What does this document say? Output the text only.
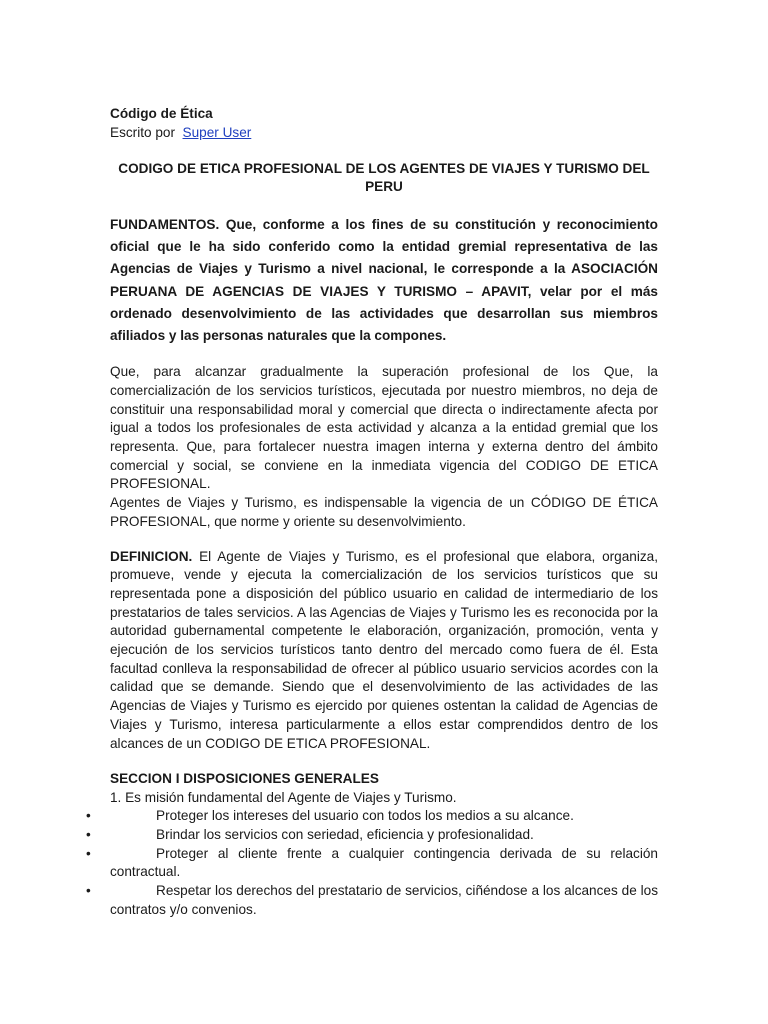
Código de Ética
Escrito por Super User
CODIGO DE ETICA PROFESIONAL DE LOS AGENTES DE VIAJES Y TURISMO DEL PERU
FUNDAMENTOS. Que, conforme a los fines de su constitución y reconocimiento oficial que le ha sido conferido como la entidad gremial representativa de las Agencias de Viajes y Turismo a nivel nacional, le corresponde a la ASOCIACIÓN PERUANA DE AGENCIAS DE VIAJES Y TURISMO – APAVIT, velar por el más ordenado desenvolvimiento de las actividades que desarrollan sus miembros afiliados y las personas naturales que la compones.

Que, para alcanzar gradualmente la superación profesional de los Que, la comercialización de los servicios turísticos, ejecutada por nuestro miembros, no deja de constituir una responsabilidad moral y comercial que directa o indirectamente afecta por igual a todos los profesionales de esta actividad y alcanza a la entidad gremial que los representa. Que, para fortalecer nuestra imagen interna y externa dentro del ámbito comercial y social, se conviene en la inmediata vigencia del CODIGO DE ETICA PROFESIONAL.

Agentes de Viajes y Turismo, es indispensable la vigencia de un CÓDIGO DE ÉTICA PROFESIONAL, que norme y oriente su desenvolvimiento.

DEFINICION. El Agente de Viajes y Turismo, es el profesional que elabora, organiza, promueve, vende y ejecuta la comercialización de los servicios turísticos que su representada pone a disposición del público usuario en calidad de intermediario de los prestatarios de tales servicios. A las Agencias de Viajes y Turismo les es reconocida por la autoridad gubernamental competente le elaboración, organización, promoción, venta y ejecución de los servicios turísticos tanto dentro del mercado como fuera de él. Esta facultad conlleva la responsabilidad de ofrecer al público usuario servicios acordes con la calidad que se demande. Siendo que el desenvolvimiento de las actividades de las Agencias de Viajes y Turismo es ejercido por quienes ostentan la calidad de Agencias de Viajes y Turismo, interesa particularmente a ellos estar comprendidos dentro de los alcances de un CODIGO DE ETICA PROFESIONAL.

SECCION I DISPOSICIONES GENERALES
1. Es misión fundamental del Agente de Viajes y Turismo.
•	Proteger los intereses del usuario con todos los medios a su alcance.
•	Brindar los servicios con seriedad, eficiencia y profesionalidad.
•	Proteger al cliente frente a cualquier contingencia derivada de su relación contractual.
•	Respetar los derechos del prestatario de servicios, ciñéndose a los alcances de los contratos y/o convenios.
